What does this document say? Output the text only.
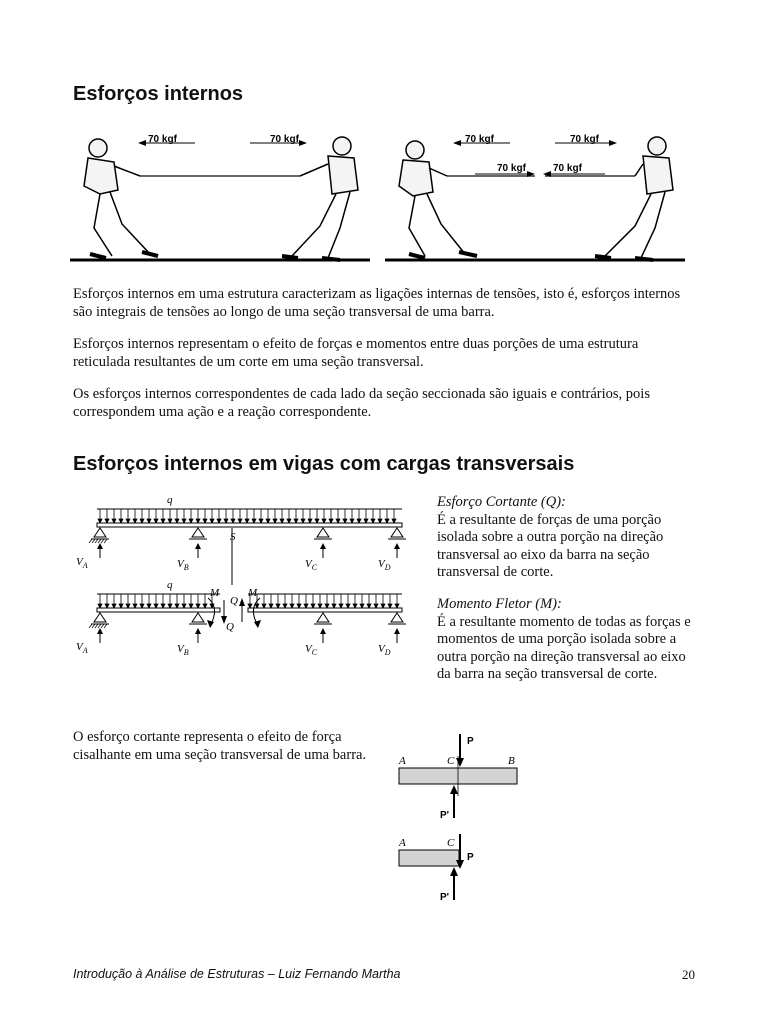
Esforços internos
70 kgf	70 kgf	70 kgf	70 kgf
70 kgf	70 kgf

Esforços internos em uma estrutura caracterizam as ligações internas de tensões, isto é, esforços internos são integrais de tensões ao longo de uma seção transversal de uma barra.

Esforços internos representam o efeito de forças e momentos entre duas porções de uma estrutura reticulada resultantes de um corte em uma seção transversal.

Os esforços internos correspondentes de cada lado da seção seccionada são iguais e contrários, pois correspondem uma ação e a reação correspondente.

Esforços internos em vigas com cargas transversais
q
S
q
M	M
Q
Q
$V_A$	$V_B$	$V_C$	$V_D$
$V_A$	$V_B$	$V_C$	$V_D$
Esforço Cortante (Q):
É a resultante de forças de uma porção isolada sobre a outra porção na direção transversal ao eixo da barra na seção transversal de corte.
Momento Fletor (M):
É a resultante momento de todas as forças e momentos de uma porção isolada sobre a outra porção na direção transversal ao eixo da barra na seção transversal de corte.
O esforço cortante representa o efeito de força cisalhante em uma seção transversal de uma barra.	A	C	B
P
P'
A	C
P
P'
Introdução à Análise de Estruturas – Luiz Fernando Martha	20
